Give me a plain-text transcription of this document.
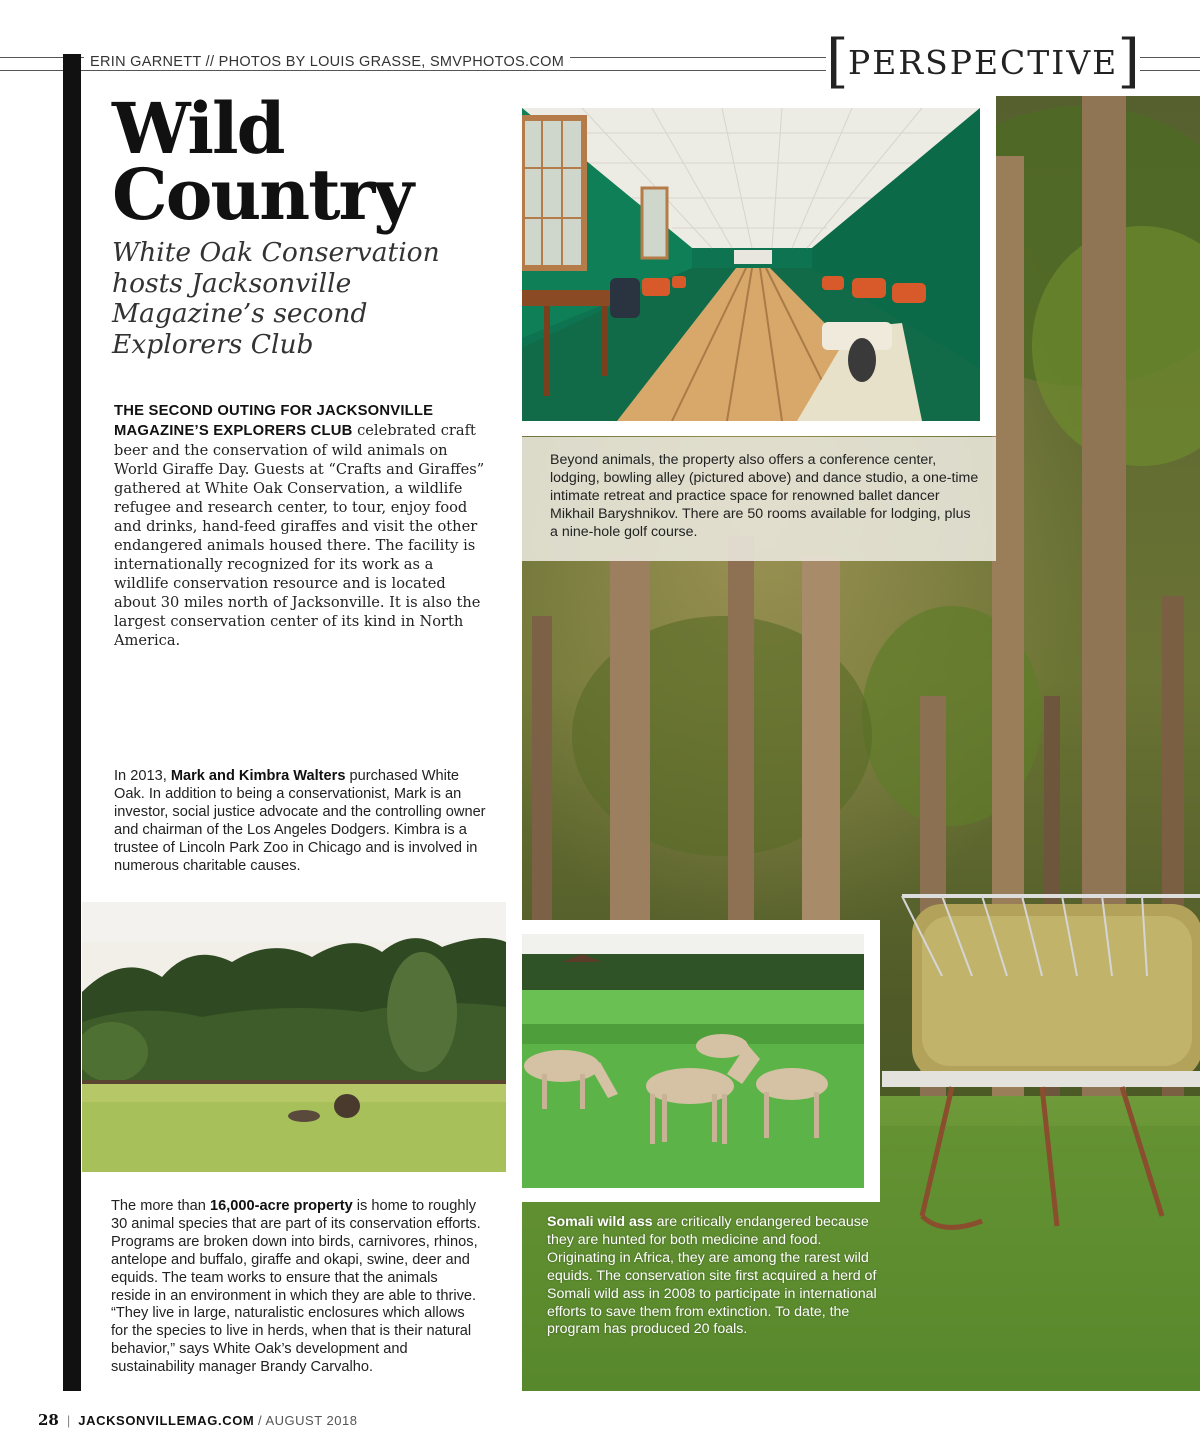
ERIN GARNETT // PHOTOS BY LOUIS GRASSE, SMVPHOTOS.COM	[ PERSPECTIVE ]
Wild
Country

White Oak Conservation hosts Jacksonville Magazine’s second Explorers Club

THE SECOND OUTING FOR JACKSONVILLE MAGAZINE’S EXPLORERS CLUB celebrated craft beer and the conservation of wild animals on World Giraffe Day. Guests at “Crafts and Giraffes” gathered at White Oak Conservation, a wildlife refugee and research center, to tour, enjoy food and drinks, hand-feed giraffes and visit the other endangered animals housed there. The facility is internationally recognized for its work as a wildlife conservation resource and is located about 30 miles north of Jacksonville. It is also the largest conservation center of its kind in North America.

Beyond animals, the property also offers a conference center, lodging, bowling alley (pictured above) and dance studio, a one-time intimate retreat and practice space for renowned ballet dancer Mikhail Baryshnikov. There are 50 rooms available for lodging, plus a nine-hole golf course.

In 2013, Mark and Kimbra Walters purchased White Oak. In addition to being a conservationist, Mark is an investor, social justice advocate and the controlling owner and chairman of the Los Angeles Dodgers. Kimbra is a trustee of Lincoln Park Zoo in Chicago and is involved in numerous charitable causes.

Somali wild ass are critically endangered because they are hunted for both medicine and food. Originating in Africa, they are among the rarest wild equids. The conservation site first acquired a herd of Somali wild ass in 2008 to participate in international efforts to save them from extinction. To date, the program has produced 20 foals.

The more than 16,000-acre property is home to roughly 30 animal species that are part of its conservation efforts. Programs are broken down into birds, carnivores, rhinos, antelope and buffalo, giraffe and okapi, swine, deer and equids. The team works to ensure that the animals reside in an environment in which they are able to thrive. “They live in large, naturalistic enclosures which allows for the species to live in herds, when that is their natural behavior,” says White Oak’s development and sustainability manager Brandy Carvalho.

28 | JACKSONVILLEMAG.COM / AUGUST 2018
